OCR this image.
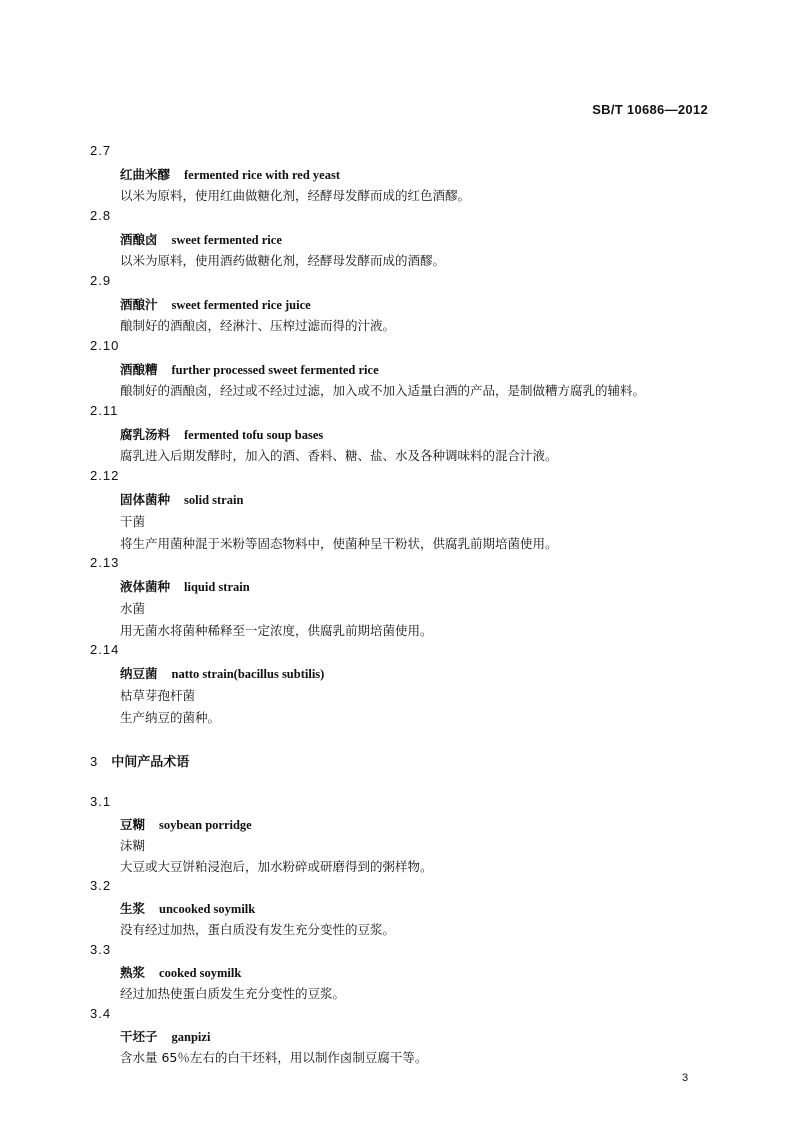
SB/T 10686—2012
2.7
红曲米醪 fermented rice with red yeast
以米为原料，使用红曲做糖化剂，经酵母发酵而成的红色酒醪。
2.8
酒酿卤 sweet fermented rice
以米为原料，使用酒药做糖化剂，经酵母发酵而成的酒醪。
2.9
酒酿汁 sweet fermented rice juice
酿制好的酒酿卤，经淋汁、压榨过滤而得的汁液。
2.10
酒酿糟 further processed sweet fermented rice
酿制好的酒酿卤，经过或不经过过滤，加入或不加入适量白酒的产品，是制做糟方腐乳的辅料。
2.11
腐乳汤料 fermented tofu soup bases
腐乳进入后期发酵时，加入的酒、香料、糖、盐、水及各种调味料的混合汁液。
2.12
固体菌种 solid strain
干菌
将生产用菌种混于米粉等固态物料中，使菌种呈干粉状，供腐乳前期培菌使用。
2.13
液体菌种 liquid strain
水菌
用无菌水将菌种稀释至一定浓度，供腐乳前期培菌使用。
2.14
纳豆菌 natto strain(bacillus subtilis)
枯草芽孢杆菌
生产纳豆的菌种。
3 中间产品术语
3.1
豆糊 soybean porridge
沬糊
大豆或大豆饼粕浸泡后，加水粉碎或研磨得到的粥样物。
3.2
生浆 uncooked soymilk
没有经过加热，蛋白质没有发生充分变性的豆浆。
3.3
熟浆 cooked soymilk
经过加热使蛋白质发生充分变性的豆浆。
3.4
干坯子 ganpizi
含水量 65％左右的白干坯料，用以制作卤制豆腐干等。
3
